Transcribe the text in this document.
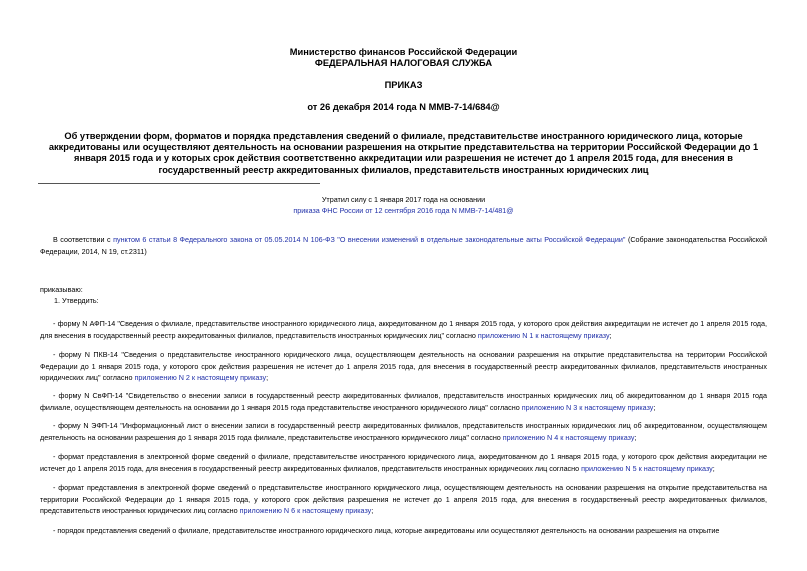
Министерство финансов Российской Федерации
ФЕДЕРАЛЬНАЯ НАЛОГОВАЯ СЛУЖБА
ПРИКАЗ
от 26 декабря 2014 года N ММВ-7-14/684@
Об утверждении форм, форматов и порядка представления сведений о филиале, представительстве иностранного юридического лица, которые аккредитованы или осуществляют деятельность на основании разрешения на открытие представительства на территории Российской Федерации до 1 января 2015 года и у которых срок действия соответственно аккредитации или разрешения не истечет до 1 апреля 2015 года, для внесения в государственный реестр аккредитованных филиалов, представительств иностранных юридических лиц
Утратил силу с 1 января 2017 года на основании
приказа ФНС России от 12 сентября 2016 года N ММВ-7-14/481@
В соответствии с пунктом 6 статьи 8 Федерального закона от 05.05.2014 N 106-ФЗ "О внесении изменений в отдельные законодательные акты Российской Федерации" (Собрание законодательства Российской Федерации, 2014, N 19, ст.2311)
приказываю:
1. Утвердить:
- форму N АФП-14 "Сведения о филиале, представительстве иностранного юридического лица, аккредитованном до 1 января 2015 года, у которого срок действия аккредитации не истечет до 1 апреля 2015 года, для внесения в государственный реестр аккредитованных филиалов, представительств иностранных юридических лиц" согласно приложению N 1 к настоящему приказу;
- форму N ПКВ-14 "Сведения о представительстве иностранного юридического лица, осуществляющем деятельность на основании разрешения на открытие представительства на территории Российской Федерации до 1 января 2015 года, у которого срок действия разрешения не истечет до 1 апреля 2015 года, для внесения в государственный реестр аккредитованных филиалов, представительств иностранных юридических лиц" согласно приложению N 2 к настоящему приказу;
- форму N СвФП-14 "Свидетельство о внесении записи в государственный реестр аккредитованных филиалов, представительств иностранных юридических лиц об аккредитованном до 1 января 2015 года филиале, осуществляющем деятельность на основании до 1 января 2015 года представительстве иностранного юридического лица" согласно приложению N 3 к настоящему приказу;
- форму N ЭФП-14 "Информационный лист о внесении записи в государственный реестр аккредитованных филиалов, представительств иностранных юридических лиц об аккредитованном, осуществляющем деятельность на основании разрешения до 1 января 2015 года филиале, представительстве иностранного юридического лица" согласно приложению N 4 к настоящему приказу;
- формат представления в электронной форме сведений о филиале, представительстве иностранного юридического лица, аккредитованном до 1 января 2015 года, у которого срок действия аккредитации не истечет до 1 апреля 2015 года, для внесения в государственный реестр аккредитованных филиалов, представительств иностранных юридических лиц согласно приложению N 5 к настоящему приказу;
- формат представления в электронной форме сведений о представительстве иностранного юридического лица, осуществляющем деятельность на основании разрешения на открытие представительства на территории Российской Федерации до 1 января 2015 года, у которого срок действия разрешения не истечет до 1 апреля 2015 года, для внесения в государственный реестр аккредитованных филиалов, представительств иностранных юридических лиц согласно приложению N 6 к настоящему приказу;
- порядок представления сведений о филиале, представительстве иностранного юридического лица, которые аккредитованы или осуществляют деятельность на основании разрешения на открытие
